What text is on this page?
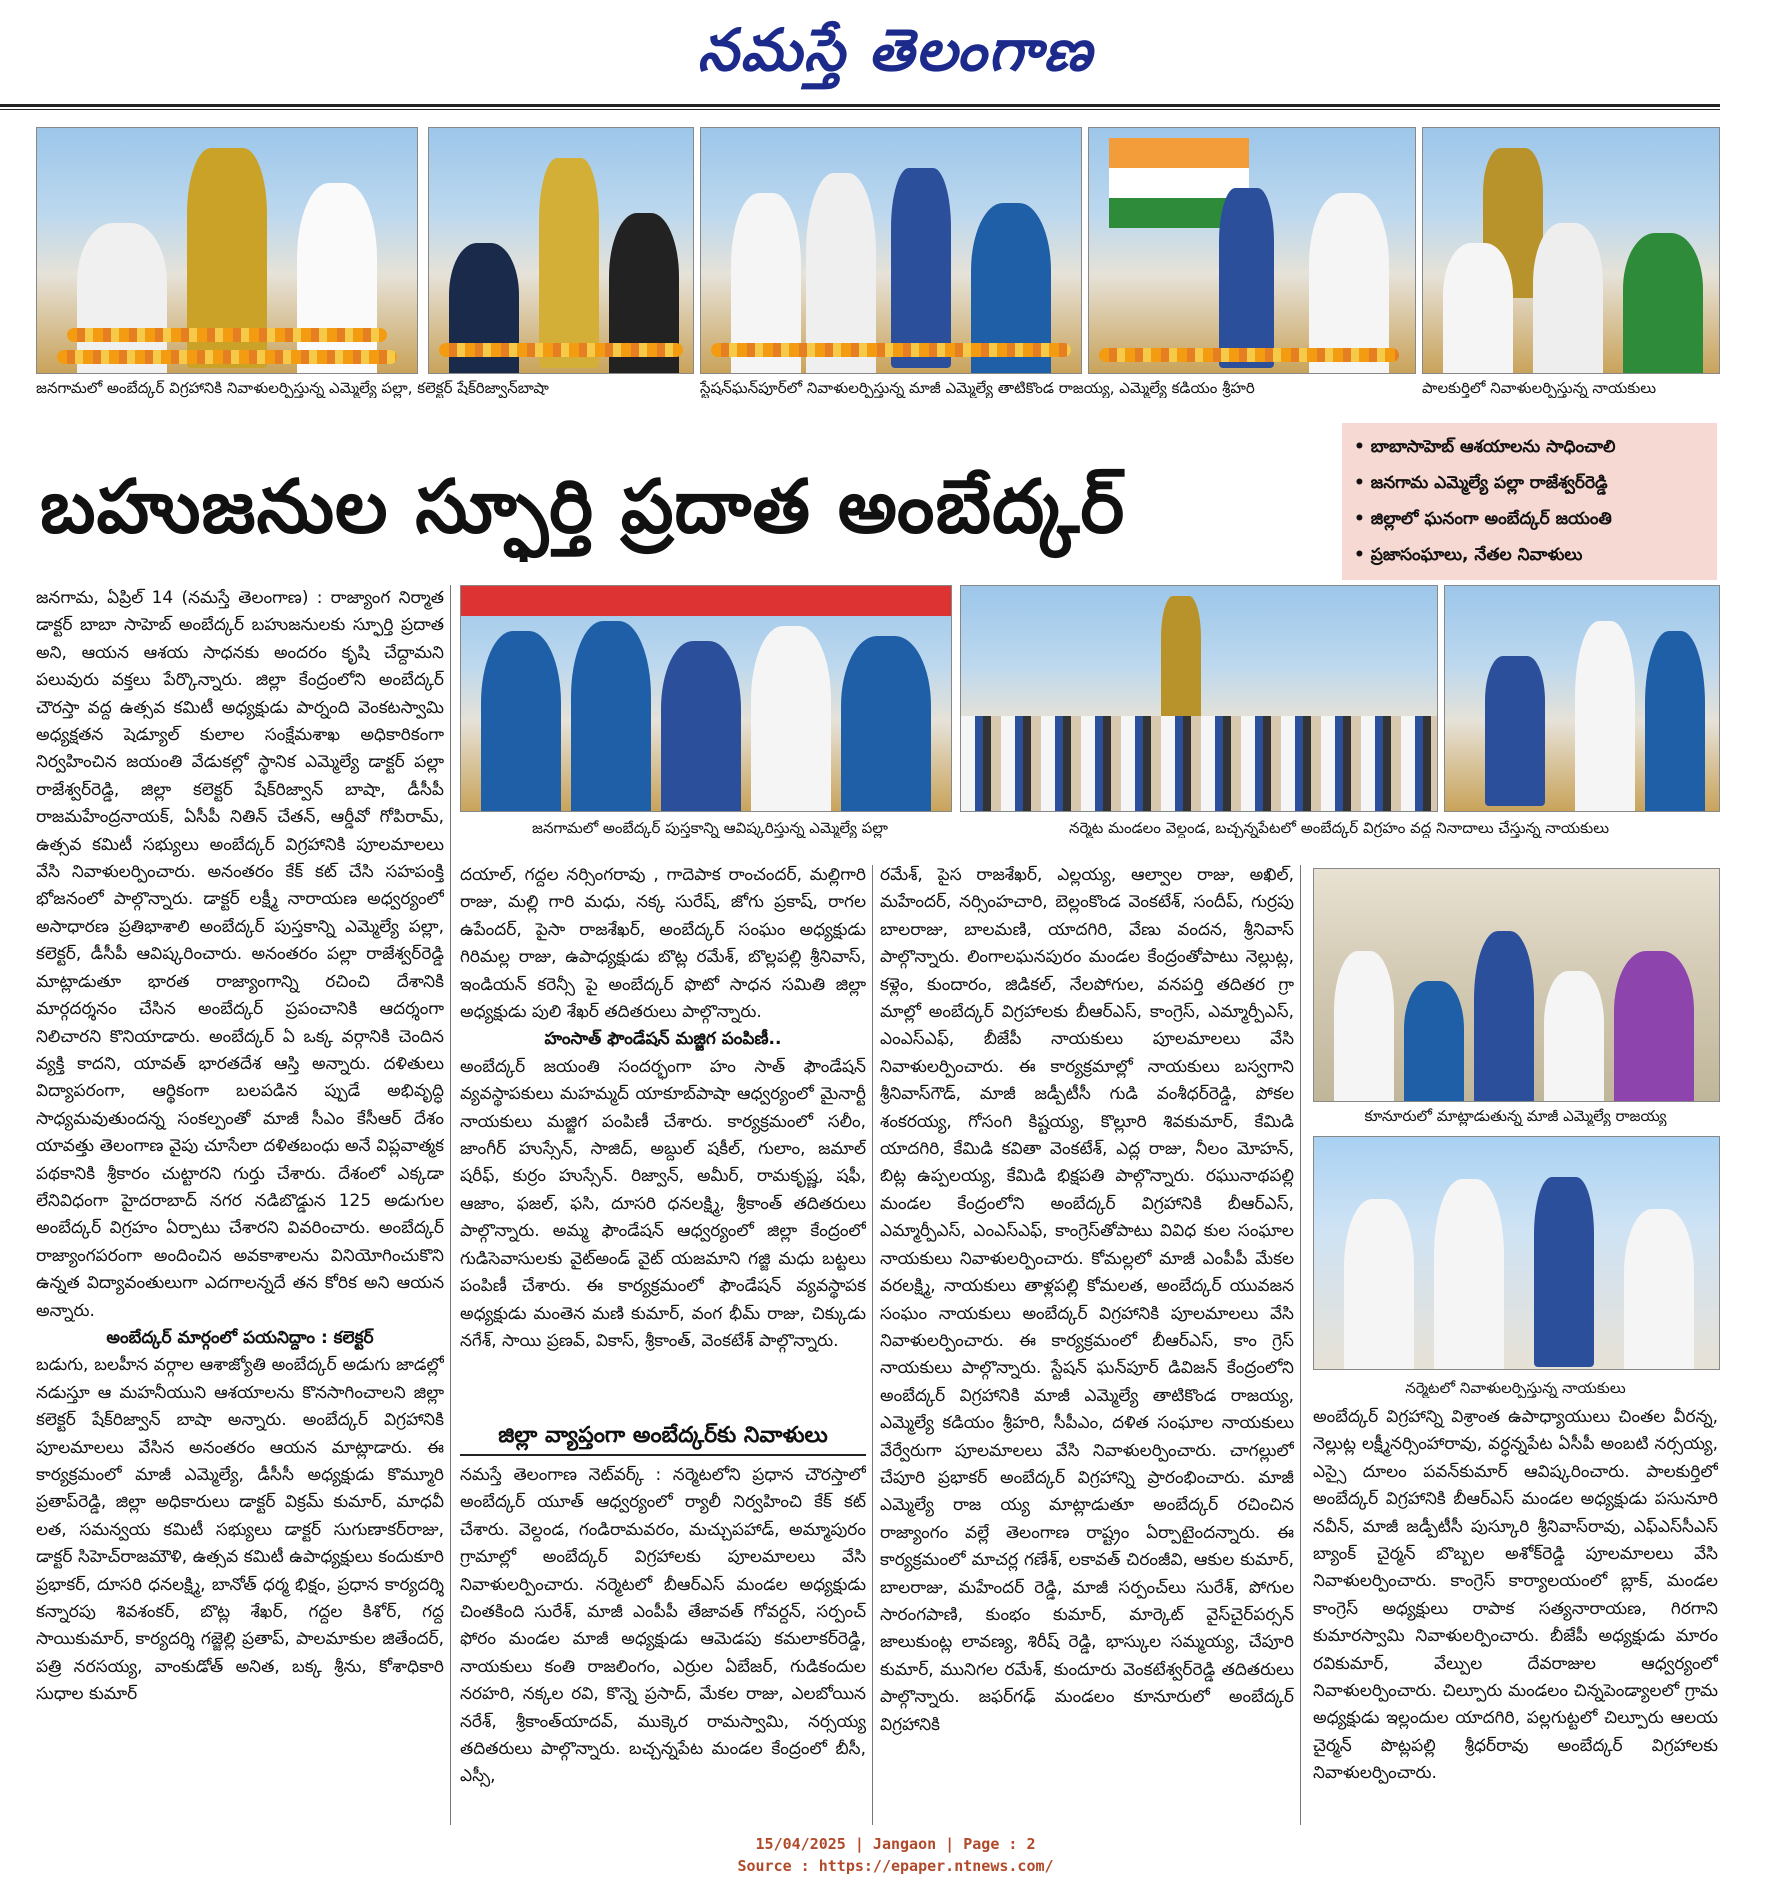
నమస్తే తెలంగాణ
జనగామలో అంబేద్కర్ విగ్రహానికి నివాళులర్పిస్తున్న ఎమ్మెల్యే పల్లా, కలెక్టర్ షేక్‌రిజ్వాన్‌బాషా	స్టేషన్‌ఘన్‌పూర్‌లో నివాళులర్పిస్తున్న మాజీ ఎమ్మెల్యే తాటికొండ రాజయ్య, ఎమ్మెల్యే కడియం శ్రీహరి	పాలకుర్తిలో నివాళులర్పిస్తున్న నాయకులు
బహుజనుల స్ఫూర్తి ప్రదాత అంబేద్కర్
• బాబాసాహెబ్ ఆశయాలను సాధించాలి
• జనగామ ఎమ్మెల్యే పల్లా రాజేశ్వర్‌రెడ్డి
• జిల్లాలో ఘనంగా అంబేద్కర్ జయంతి
• ప్రజాసంఘాలు, నేతల నివాళులు
జనగామలో అంబేద్కర్ పుస్తకాన్ని ఆవిష్కరిస్తున్న ఎమ్మెల్యే పల్లా	నర్మెట మండలం వెల్దండ, బచ్చన్నపేటలో అంబేద్కర్ విగ్రహం వద్ద నినాదాలు చేస్తున్న నాయకులు
కూనూరులో మాట్లాడుతున్న మాజీ ఎమ్మెల్యే రాజయ్య
నర్మెటలో నివాళులర్పిస్తున్న నాయకులు

జనగామ, ఏప్రిల్ 14 (నమస్తే తెలంగాణ) : రాజ్యాంగ నిర్మాత డాక్టర్ బాబా సాహెబ్ అంబేద్కర్ బహుజనులకు స్ఫూర్తి ప్రదాత అని, ఆయన ఆశయ సాధనకు అందరం కృషి చేద్దామని పలువురు వక్తలు పేర్కొన్నారు. జిల్లా కేంద్రంలోని అంబేద్కర్ చౌరస్తా వద్ద ఉత్సవ కమిటీ అధ్యక్షుడు పార్నంది వెంకటస్వామి అధ్యక్షతన షెడ్యూల్ కులాల సంక్షేమశాఖ అధికారికంగా నిర్వహించిన జయంతి వేడుకల్లో స్థానిక ఎమ్మెల్యే డాక్టర్ పల్లా రాజేశ్వర్‌రెడ్డి, జిల్లా కలెక్టర్ షేక్‌రిజ్వాన్ బాషా, డీసీపీ రాజమహేంద్రనాయక్, ఏసీపీ నితిన్ చేతన్, ఆర్డీవో గోపిరామ్, ఉత్సవ కమిటీ సభ్యులు అంబేద్కర్ విగ్రహానికి పూలమాలలు వేసి నివాళులర్పించారు. అనంతరం కేక్ కట్ చేసి సహపంక్తి భోజనంలో పాల్గొన్నారు. డాక్టర్ లక్ష్మీ నారాయణ అధ్వర్యంలో అసాధారణ ప్రతిభాశాలి అంబేద్కర్ పుస్తకాన్ని ఎమ్మెల్యే పల్లా, కలెక్టర్, డీసీపీ ఆవిష్కరించారు. అనంతరం పల్లా రాజేశ్వర్‌రెడ్డి మాట్లాడుతూ భారత రాజ్యాంగాన్ని రచించి దేశానికి మార్గదర్శనం చేసిన అంబేద్కర్ ప్రపంచానికి ఆదర్శంగా నిలిచారని కొనియాడారు. అంబేద్కర్ ఏ ఒక్క వర్గానికి చెందిన వ్యక్తి కాదని, యావత్ భారతదేశ ఆస్తి అన్నారు. దళితులు విద్యాపరంగా, ఆర్థికంగా బలపడిన ప్పుడే అభివృద్ధి సాధ్యమవుతుందన్న సంకల్పంతో మాజీ సీఎం కేసీఆర్ దేశం యావత్తు తెలంగాణ వైపు చూసేలా దళితబంధు అనే విప్లవాత్మక పథకానికి శ్రీకారం చుట్టారని గుర్తు చేశారు. దేశంలో ఎక్కడా లేనివిధంగా హైదరాబాద్ నగర నడిబొడ్డున 125 అడుగుల అంబేద్కర్ విగ్రహం ఏర్పాటు చేశారని వివరించారు. అంబేద్కర్ రాజ్యాంగపరంగా అందించిన అవకాశాలను వినియోగించుకొని ఉన్నత విద్యావంతులుగా ఎదగాలన్నదే తన కోరిక అని ఆయన అన్నారు.

అంబేద్కర్ మార్గంలో పయనిద్దాం : కలెక్టర్

బడుగు, బలహీన వర్గాల ఆశాజ్యోతి అంబేద్కర్ అడుగు జాడల్లో నడుస్తూ ఆ మహనీయుని ఆశయాలను కొనసాగించాలని జిల్లా కలెక్టర్ షేక్‌రిజ్వాన్ బాషా అన్నారు. అంబేద్కర్ విగ్రహానికి పూలమాలలు వేసిన అనంతరం ఆయన మాట్లాడారు. ఈ కార్యక్రమంలో మాజీ ఎమ్మెల్యే, డీసీసీ అధ్యక్షుడు కొమ్మూరి ప్రతాప్‌రెడ్డి, జిల్లా అధికారులు డాక్టర్ విక్రమ్ కుమార్, మాధవీ లత, సమన్వయ కమిటీ సభ్యులు డాక్టర్ సుగుణాకర్‌రాజు, డాక్టర్ సిహెచ్‌రాజమౌళి, ఉత్సవ కమిటీ ఉపాధ్యక్షులు కందుకూరి ప్రభాకర్, దూసరి ధనలక్ష్మి, బానోత్ ధర్మ భిక్షం, ప్రధాన కార్యదర్శి కన్నారపు శివశంకర్, బొట్ల శేఖర్, గద్దల కిశోర్, గద్ద సాయికుమార్, కార్యదర్శి గజ్జెల్లి ప్రతాప్, పాలమాకుల జితేందర్, పత్రి నరసయ్య, వాంకుడోత్ అనిత, బక్క శ్రీను, కోశాధికారి సుధాల కుమార్

దయాల్, గద్దల నర్సింగరావు , గాదెపాక రాంచందర్, మల్లిగారి రాజు, మల్లి గారి మధు, నక్క సురేష్, జోగు ప్రకాష్, రాగల ఉపేందర్, పైసా రాజశేఖర్, అంబేద్కర్ సంఘం అధ్యక్షుడు గిరిమల్ల రాజు, ఉపాధ్యక్షుడు బొట్ల రమేశ్, బొల్లపల్లి శ్రీనివాస్, ఇండియన్ కరెన్సీ పై అంబేద్కర్ ఫొటో సాధన సమితి జిల్లా అధ్యక్షుడు పులి శేఖర్ తదితరులు పాల్గొన్నారు.

హంసాత్ ఫౌండేషన్ మజ్జిగ పంపిణీ..

అంబేద్కర్ జయంతి సందర్భంగా హం సాత్ ఫౌండేషన్ వ్యవస్థాపకులు మహమ్మద్ యాకూబ్‌పాషా ఆధ్వర్యంలో మైనార్టీ నాయకులు మజ్జిగ పంపిణీ చేశారు. కార్యక్రమంలో సలీం, జాంగీర్ హుస్సేన్, సాజిద్, అబ్దుల్ షకీల్, గులాం, జమాల్ షరీఫ్, కుర్రం హుస్సేన్. రిజ్వాన్, అమీర్, రామకృష్ణ, షఫీ, ఆజాం, ఫజల్, ఫసి, దూసరి ధనలక్ష్మి, శ్రీకాంత్ తదితరులు పాల్గొన్నారు. అమ్మ ఫౌండేషన్ ఆధ్వర్యంలో జిల్లా కేంద్రంలో గుడిసెవాసులకు వైట్‌అండ్ వైట్ యజమాని గజ్జి మధు బట్టలు పంపిణీ చేశారు. ఈ కార్యక్రమంలో ఫౌండేషన్ వ్యవస్థాపక అధ్యక్షుడు మంతెన మణి కుమార్, వంగ భీమ్ రాజు, చిక్కుడు నగేశ్, సాయి ప్రణవ్, వికాస్, శ్రీకాంత్, వెంకటేశ్ పాల్గొన్నారు.

జిల్లా వ్యాప్తంగా అంబేద్కర్‌కు నివాళులు

నమస్తే తెలంగాణ నెట్‌వర్క్ : నర్మెటలోని ప్రధాన చౌరస్తాలో అంబేద్కర్ యూత్ ఆధ్వర్యంలో ర్యాలీ నిర్వహించి కేక్ కట్ చేశారు. వెల్దండ, గండిరామవరం, మచ్చుపహాడ్, అమ్మాపురం గ్రామాల్లో అంబేద్కర్ విగ్రహాలకు పూలమాలలు వేసి నివాళులర్పించారు. నర్మెటలో బీఆర్‌ఎస్ మండల అధ్యక్షుడు చింతకింది సురేశ్, మాజీ ఎంపీపీ తేజావత్ గోవర్దన్, సర్పంచ్ ఫోరం మండల మాజీ అధ్యక్షుడు ఆమెడపు కమలాకర్‌రెడ్డి, నాయకులు కంతి రాజలింగం, ఎర్రుల ఏబేజర్, గుడికందుల నరహరి, నక్కల రవి, కొన్నె ప్రసాద్, మేకల రాజు, ఎలబోయిన నరేశ్, శ్రీకాంత్‌యాదవ్, ముక్కెర రామస్వామి, నర్సయ్య తదితరులు పాల్గొన్నారు. బచ్చన్నపేట మండల కేంద్రంలో బీసీ, ఎస్సీ,

రమేశ్, పైస రాజశేఖర్, ఎల్లయ్య, ఆల్వాల రాజు, అఖిల్, మహేందర్, నర్సింహచారి, బెల్లంకొండ వెంకటేశ్, సందీప్, గుర్రపు బాలరాజు, బాలమణి, యాదగిరి, వేణు వందన, శ్రీనివాస్ పాల్గొన్నారు. లింగాలఘనపురం మండల కేంద్రంతోపాటు నెల్లుట్ల, కళ్లెం, కుందారం, జిడికల్, నేలపోగుల, వనపర్తి తదితర గ్రా మాల్లో అంబేద్కర్ విగ్రహాలకు బీఆర్‌ఎస్, కాంగ్రెస్, ఎమ్మార్పీఎస్, ఎంఎస్‌ఎఫ్, బీజేపీ నాయకులు పూలమాలలు వేసి నివాళులర్పించారు. ఈ కార్యక్రమాల్లో నాయకులు బస్వగాని శ్రీనివాస్‌గౌడ్, మాజీ జడ్పీటీసీ గుడి వంశీధర్‌రెడ్డి, పోకల శంకరయ్య, గోసంగి కిష్టయ్య, కొల్లూరి శివకుమార్, కేమిడి యాదగిరి, కేమిడి కవితా వెంకటేశ్, ఎద్ల రాజు, నీలం మోహన్, బిట్ల ఉప్పలయ్య, కేమిడి భిక్షపతి పాల్గొన్నారు. రఘునాథపల్లి మండల కేంద్రంలోని అంబేద్కర్ విగ్రహానికి బీఆర్‌ఎస్, ఎమ్మార్పీఎస్, ఎంఎస్‌ఎఫ్, కాంగ్రెస్‌తోపాటు వివిధ కుల సంఘాల నాయకులు నివాళులర్పించారు. కోమల్లలో మాజీ ఎంపీపీ మేకల వరలక్ష్మి, నాయకులు తాళ్లపల్లి కోమలత, అంబేద్కర్ యువజన సంఘం నాయకులు అంబేద్కర్ విగ్రహానికి పూలమాలలు వేసి నివాళులర్పించారు. ఈ కార్యక్రమంలో బీఆర్‌ఎస్, కాం గ్రెస్ నాయకులు పాల్గొన్నారు. స్టేషన్ ఘన్‌పూర్ డివిజన్ కేంద్రంలోని అంబేద్కర్ విగ్రహానికి మాజీ ఎమ్మెల్యే తాటికొండ రాజయ్య, ఎమ్మెల్యే కడియం శ్రీహరి, సీపీఎం, దళిత సంఘాల నాయకులు వేర్వేరుగా పూలమాలలు వేసి నివాళులర్పించారు. చాగల్లులో చేపూరి ప్రభాకర్ అంబేద్కర్ విగ్రహాన్ని ప్రారంభించారు. మాజీ ఎమ్మెల్యే రాజ య్య మాట్లాడుతూ అంబేద్కర్ రచించిన రాజ్యాంగం వల్లే తెలంగాణ రాష్ట్రం ఏర్పాటైందన్నారు. ఈ కార్యక్రమంలో మాచర్ల గణేశ్, లకావత్ చిరంజీవి, ఆకుల కుమార్, బాలరాజు, మహేందర్ రెడ్డి, మాజీ సర్పంచ్‌లు సురేశ్, పోగుల సారంగపాణి, కుంభం కుమార్, మార్కెట్ వైస్‌చైర్‌పర్సన్ జాలుకుంట్ల లావణ్య, శిరీష్ రెడ్డి, భాస్కుల సమ్మయ్య, చేపూరి కుమార్, మునిగల రమేశ్, కుందూరు వెంకటేశ్వర్‌రెడ్డి తదితరులు పాల్గొన్నారు. జఫర్‌గఢ్ మండలం కూనూరులో అంబేద్కర్ విగ్రహానికి

అంబేద్కర్ విగ్రహాన్ని విశ్రాంత ఉపాధ్యాయులు చింతల వీరన్న, నెల్లుట్ల లక్ష్మీనర్సింహారావు, వర్ధన్నపేట ఏసీపీ అంబటి నర్సయ్య, ఎస్సై దూలం పవన్‌కుమార్ ఆవిష్కరించారు. పాలకుర్తిలో అంబేద్కర్ విగ్రహానికి బీఆర్‌ఎస్ మండల అధ్యక్షుడు పసునూరి నవీన్, మాజీ జడ్పీటీసీ పుస్కూరి శ్రీనివాస్‌రావు, ఎఫ్‌ఎస్‌సీఎస్ బ్యాంక్ చైర్మన్ బొబ్బల అశోక్‌రెడ్డి పూలమాలలు వేసి నివాళులర్పించారు. కాంగ్రెస్ కార్యాలయంలో బ్లాక్, మండల కాంగ్రెస్ అధ్యక్షులు రాపాక సత్యనారాయణ, గిరగాని కుమారస్వామి నివాళులర్పించారు. బీజేపీ అధ్యక్షుడు మారం రవికుమార్, వేల్పుల దేవరాజుల ఆధ్వర్యంలో నివాళులర్పించారు. చిల్పూరు మండలం చిన్నపెండ్యాలలో గ్రామ అధ్యక్షుడు ఇల్లందుల యాదగిరి, పల్లగుట్టలో చిల్పూరు ఆలయ చైర్మన్ పొట్లపల్లి శ్రీధర్‌రావు అంబేద్కర్ విగ్రహాలకు నివాళులర్పించారు.

15/04/2025 | Jangaon | Page : 2
Source : https://epaper.ntnews.com/
